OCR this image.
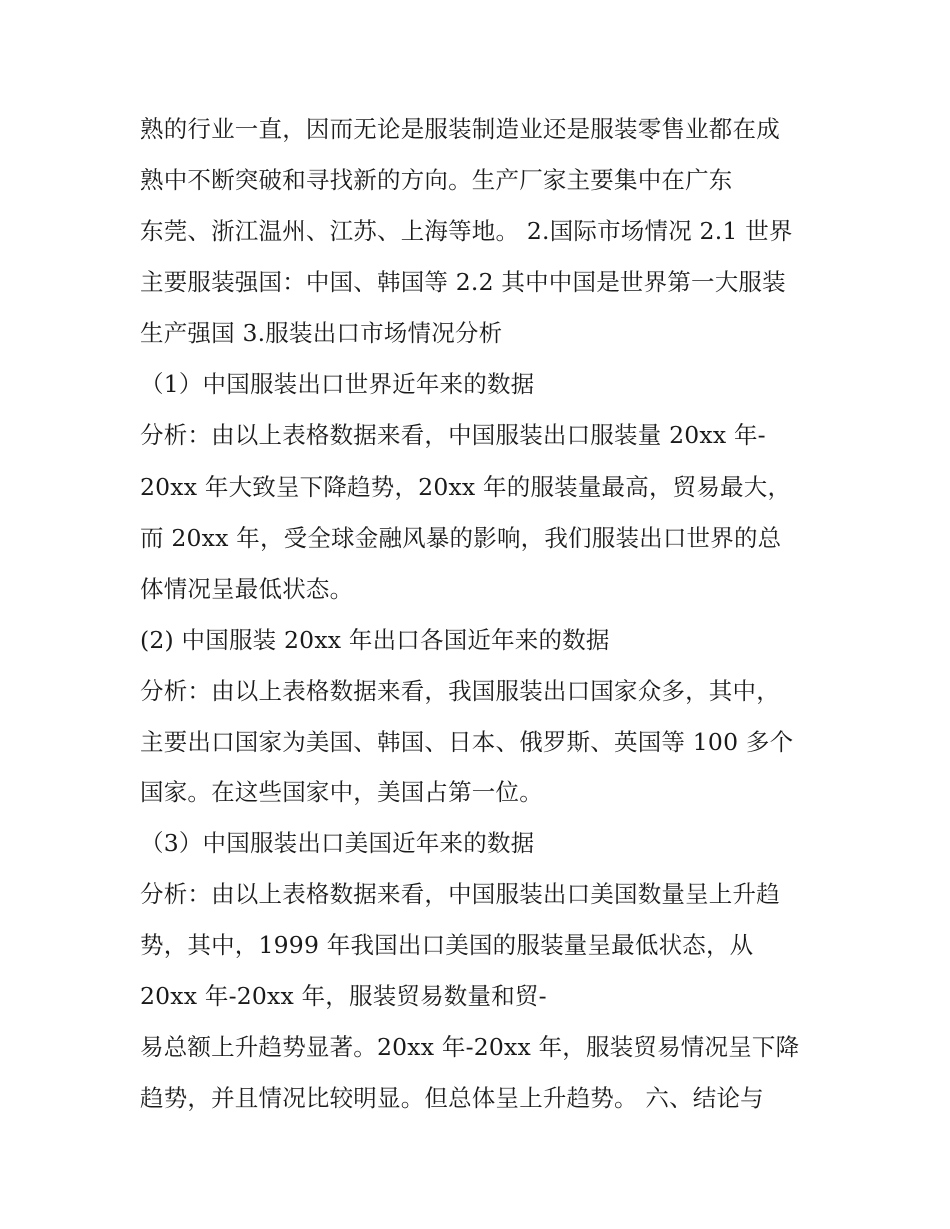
熟的行业一直，因而无论是服装制造业还是服装零售业都在成
熟中不断突破和寻找新的方向。生产厂家主要集中在广东
东莞、浙江温州、江苏、上海等地。 2.国际市场情况 2.1 世界
主要服装强国：中国、韩国等 2.2 其中中国是世界第一大服装
生产强国 3.服装出口市场情况分析
（1）中国服装出口世界近年来的数据
分析：由以上表格数据来看，中国服装出口服装量 20xx 年-
20xx 年大致呈下降趋势，20xx 年的服装量最高，贸易最大，
而 20xx 年，受全球金融风暴的影响，我们服装出口世界的总
体情况呈最低状态。
(2) 中国服装 20xx 年出口各国近年来的数据
分析：由以上表格数据来看，我国服装出口国家众多，其中，
主要出口国家为美国、韩国、日本、俄罗斯、英国等 100 多个
国家。在这些国家中，美国占第一位。
（3）中国服装出口美国近年来的数据
分析：由以上表格数据来看，中国服装出口美国数量呈上升趋
势，其中，1999 年我国出口美国的服装量呈最低状态，从
20xx 年-20xx 年，服装贸易数量和贸-
易总额上升趋势显著。20xx 年-20xx 年，服装贸易情况呈下降
趋势，并且情况比较明显。但总体呈上升趋势。 六、结论与
